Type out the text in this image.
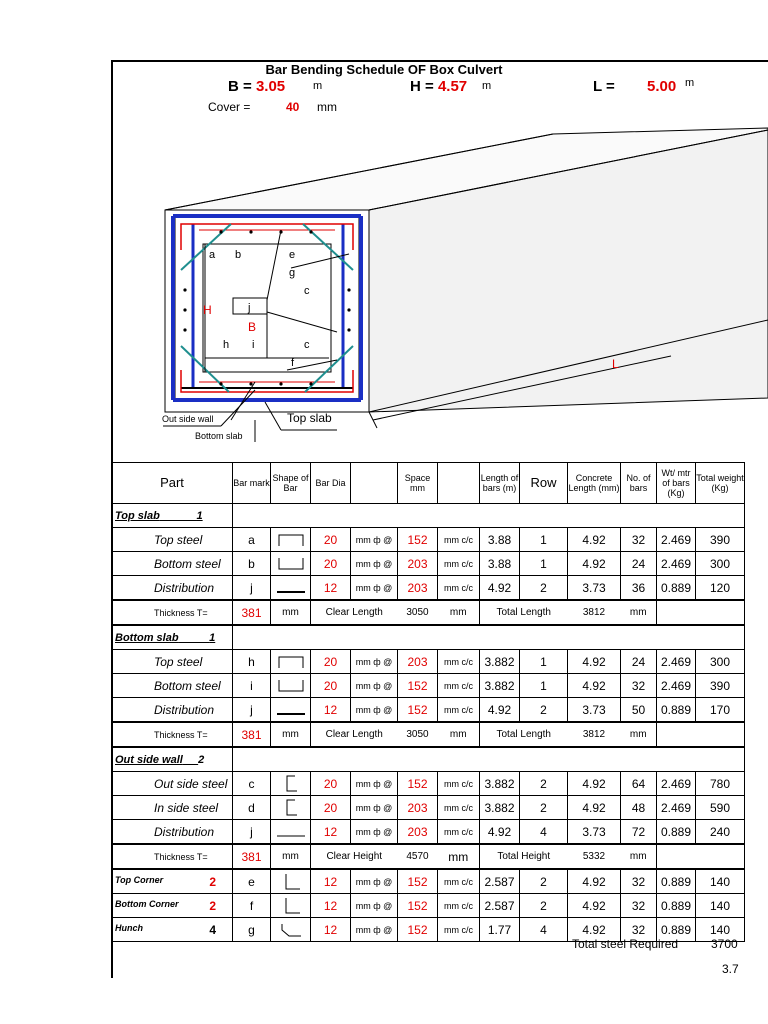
Bar Bending Schedule OF Box Culvert
B = 3.05	m	H = 4.57 m	L = 5.00 m
Cover =	40 mm
a b	e
g
c
j
H
B
h i	c
f	L
Out side wall
Bottom slab
Top slab
Part	Bar mark	Shape of Bar	Bar Dia		Space mm		Length of bars (m)	Row	Concrete Length (mm)	No. of bars	Wt/ mtr of bars (Kg)	Total weight (Kg)
Top slab 1												
Top steel	a		20	mm ф @	152	mm c/c	3.88	1	4.92	32	2.469	390
Bottom steel	b		20	mm ф @	203	mm c/c	3.88	1	4.92	24	2.469	300
Distribution	j		12	mm ф @	203	mm c/c	4.92	2	3.73	36	0.889	120
Thickness T=	381	mm	Clear Length		3050	mm	Total Length		3812	mm		
Bottom slab 1												
Top steel	h		20	mm ф @	203	mm c/c	3.882	1	4.92	24	2.469	300
Bottom steel	i		20	mm ф @	152	mm c/c	3.882	1	4.92	32	2.469	390
Distribution	j		12	mm ф @	152	mm c/c	4.92	2	3.73	50	0.889	170
Thickness T=	381	mm	Clear Length		3050	mm	Total Length		3812	mm		
Out side wall 2												
Out side steel	c		20	mm ф @	152	mm c/c	3.882	2	4.92	64	2.469	780
In side steel	d		20	mm ф @	203	mm c/c	3.882	2	4.92	48	2.469	590
Distribution	j		12	mm ф @	203	mm c/c	4.92	4	3.73	72	0.889	240
Thickness T=	381	mm	Clear Height		4570	mm	Total Height		5332	mm		
Top Corner 2	e		12	mm ф @	152	mm c/c	2.587	2	4.92	32	0.889	140
Bottom Corner 2	f		12	mm ф @	152	mm c/c	2.587	2	4.92	32	0.889	140
Hunch 4	g		12	mm ф @	152	mm c/c	1.77	4	4.92	32	0.889	140
Total steel Required	3700
3.7
